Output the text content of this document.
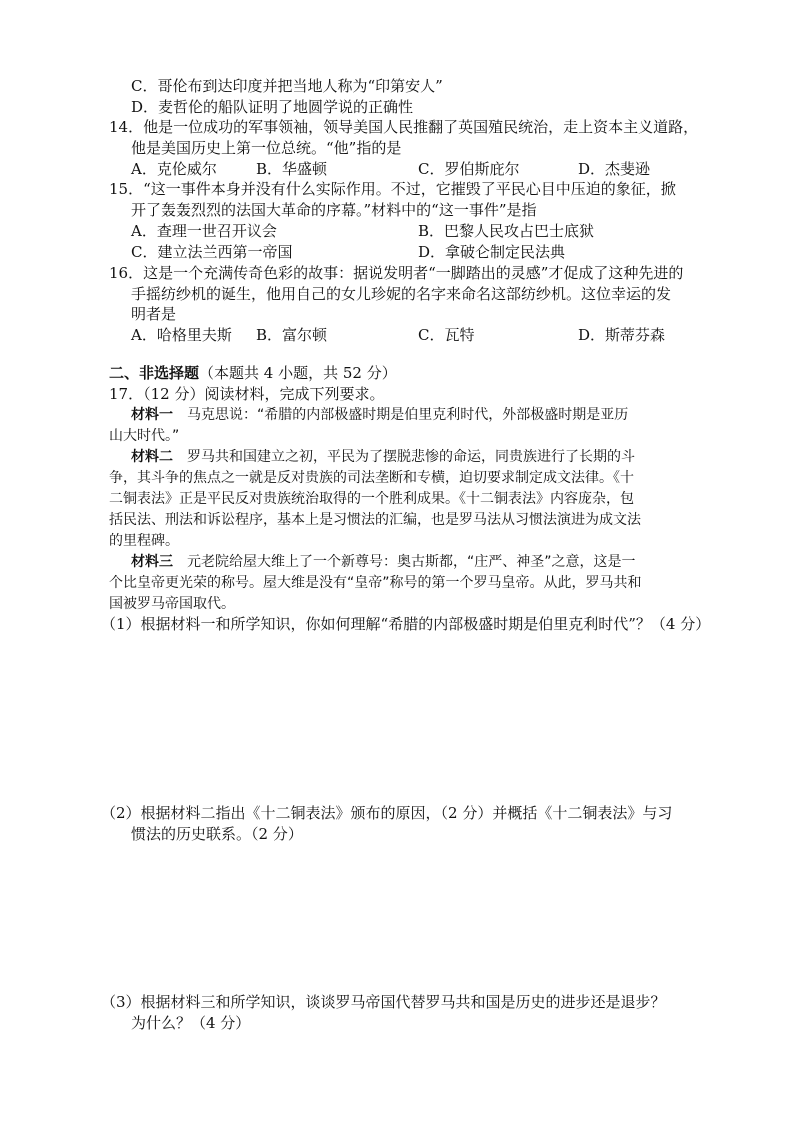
C．哥伦布到达印度并把当地人称为“印第安人”
D．麦哲伦的船队证明了地圆学说的正确性
14．他是一位成功的军事领袖，领导美国人民推翻了英国殖民统治，走上资本主义道路，
他是美国历史上第一位总统。“他”指的是
A．克伦威尔	B．华盛顿	C．罗伯斯庇尔	D．杰斐逊
15．“这一事件本身并没有什么实际作用。不过，它摧毁了平民心目中压迫的象征，掀
开了轰轰烈烈的法国大革命的序幕。”材料中的“这一事件”是指
A．查理一世召开议会	B．巴黎人民攻占巴士底狱
C．建立法兰西第一帝国	D．拿破仑制定民法典
16．这是一个充满传奇色彩的故事：据说发明者“一脚踏出的灵感”才促成了这种先进的
手摇纺纱机的诞生，他用自己的女儿珍妮的名字来命名这部纺纱机。这位幸运的发
明者是
A．哈格里夫斯 B．富尔顿	C．瓦特	D．斯蒂芬森
二、非选择题（本题共 4 小题，共 52 分）
17．（12 分）阅读材料，完成下列要求。
材料一　马克思说：“希腊的内部极盛时期是伯里克利时代，外部极盛时期是亚历
山大时代。”
材料二　罗马共和国建立之初，平民为了摆脱悲惨的命运，同贵族进行了长期的斗
争，其斗争的焦点之一就是反对贵族的司法垄断和专横，迫切要求制定成文法律。《十
二铜表法》正是平民反对贵族统治取得的一个胜利成果。《十二铜表法》内容庞杂，包
括民法、刑法和诉讼程序，基本上是习惯法的汇编，也是罗马法从习惯法演进为成文法
的里程碑。
材料三　元老院给屋大维上了一个新尊号：奥古斯都，“庄严、神圣”之意，这是一
个比皇帝更光荣的称号。屋大维是没有“皇帝”称号的第一个罗马皇帝。从此，罗马共和
国被罗马帝国取代。
（1）根据材料一和所学知识，你如何理解“希腊的内部极盛时期是伯里克利时代”？（4 分）
（2）根据材料二指出《十二铜表法》颁布的原因，（2 分）并概括《十二铜表法》与习
惯法的历史联系。（2 分）
（3）根据材料三和所学知识，谈谈罗马帝国代替罗马共和国是历史的进步还是退步？
为什么？（4 分）
